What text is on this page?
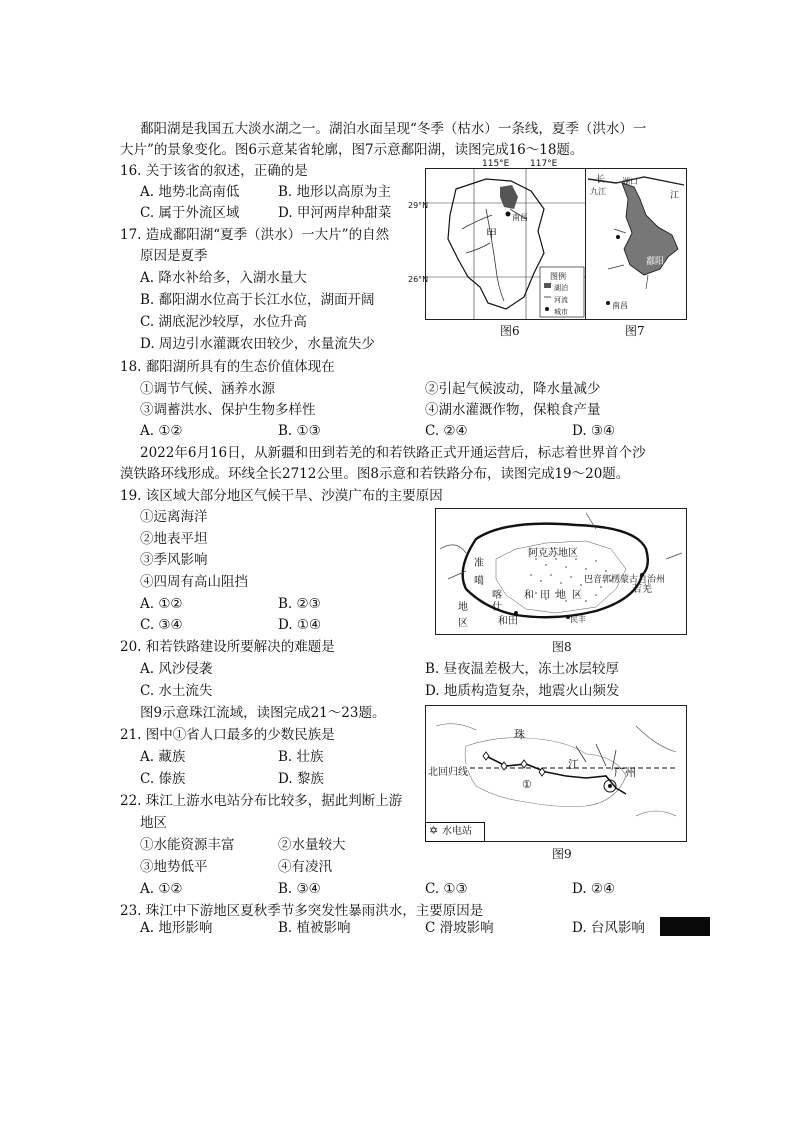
鄱阳湖是我国五大淡水湖之一。湖泊水面呈现“冬季（枯水）一条线，夏季（洪水）一
大片”的景象变化。图6示意某省轮廓，图7示意鄱阳湖，读图完成16～18题。
16. 关于该省的叙述，正确的是
A. 地势北高南低	B. 地形以高原为主
C. 属于外流区域	D. 甲河两岸种甜菜
17. 造成鄱阳湖“夏季（洪水）一大片”的自然
原因是夏季
A. 降水补给多，入湖水量大
B. 鄱阳湖水位高于长江水位，湖面开阔
C. 湖底泥沙较厚，水位升高
D. 周边引水灌溉农田较少，水量流失少
115°E 117°E
29°N
26°N
甲
南昌
图例
湖泊
河流
城市
图6
九江
湖口
长
江
鄱阳
南昌
图7
18. 鄱阳湖所具有的生态价值体现在
①调节气候、涵养水源	②引起气候波动，降水量减少
③调蓄洪水、保护生物多样性	④湖水灌溉作物，保粮食产量
A. ①②	B. ①③	C. ②④	D. ③④
2022年6月16日，从新疆和田到若羌的和若铁路正式开通运营后，标志着世界首个沙
漠铁路环线形成。环线全长2712公里。图8示意和若铁路分布，读图完成19～20题。
19. 该区域大部分地区气候干旱、沙漠广布的主要原因
①远离海洋
②地表平坦
③季风影响
④四周有高山阻挡
A. ①②	B. ②③
C. ③④	D. ①④
准
噶
阿克苏地区
巴音郭楞蒙古自治州
喀
什
地
区
和田地区
和田
若羌
民丰
图8
20. 和若铁路建设所要解决的难题是
A. 风沙侵袭	B. 昼夜温差极大，冻土冰层较厚
C. 水土流失	D. 地质构造复杂，地震火山频发
图9示意珠江流域，读图完成21～23题。
珠
江
广州
北回归线
①
✡ 水电站
图9
21. 图中①省人口最多的少数民族是
A. 藏族	B. 壮族
C. 傣族	D. 黎族
22. 珠江上游水电站分布比较多，据此判断上游
地区
①水能资源丰富	②水量较大
③地势低平	④有凌汛
A. ①②	B. ③④	C. ①③	D. ②④
23. 珠江中下游地区夏秋季节多突发性暴雨洪水，主要原因是
A. 地形影响	B. 植被影响	C 滑坡影响	D. 台风影响
